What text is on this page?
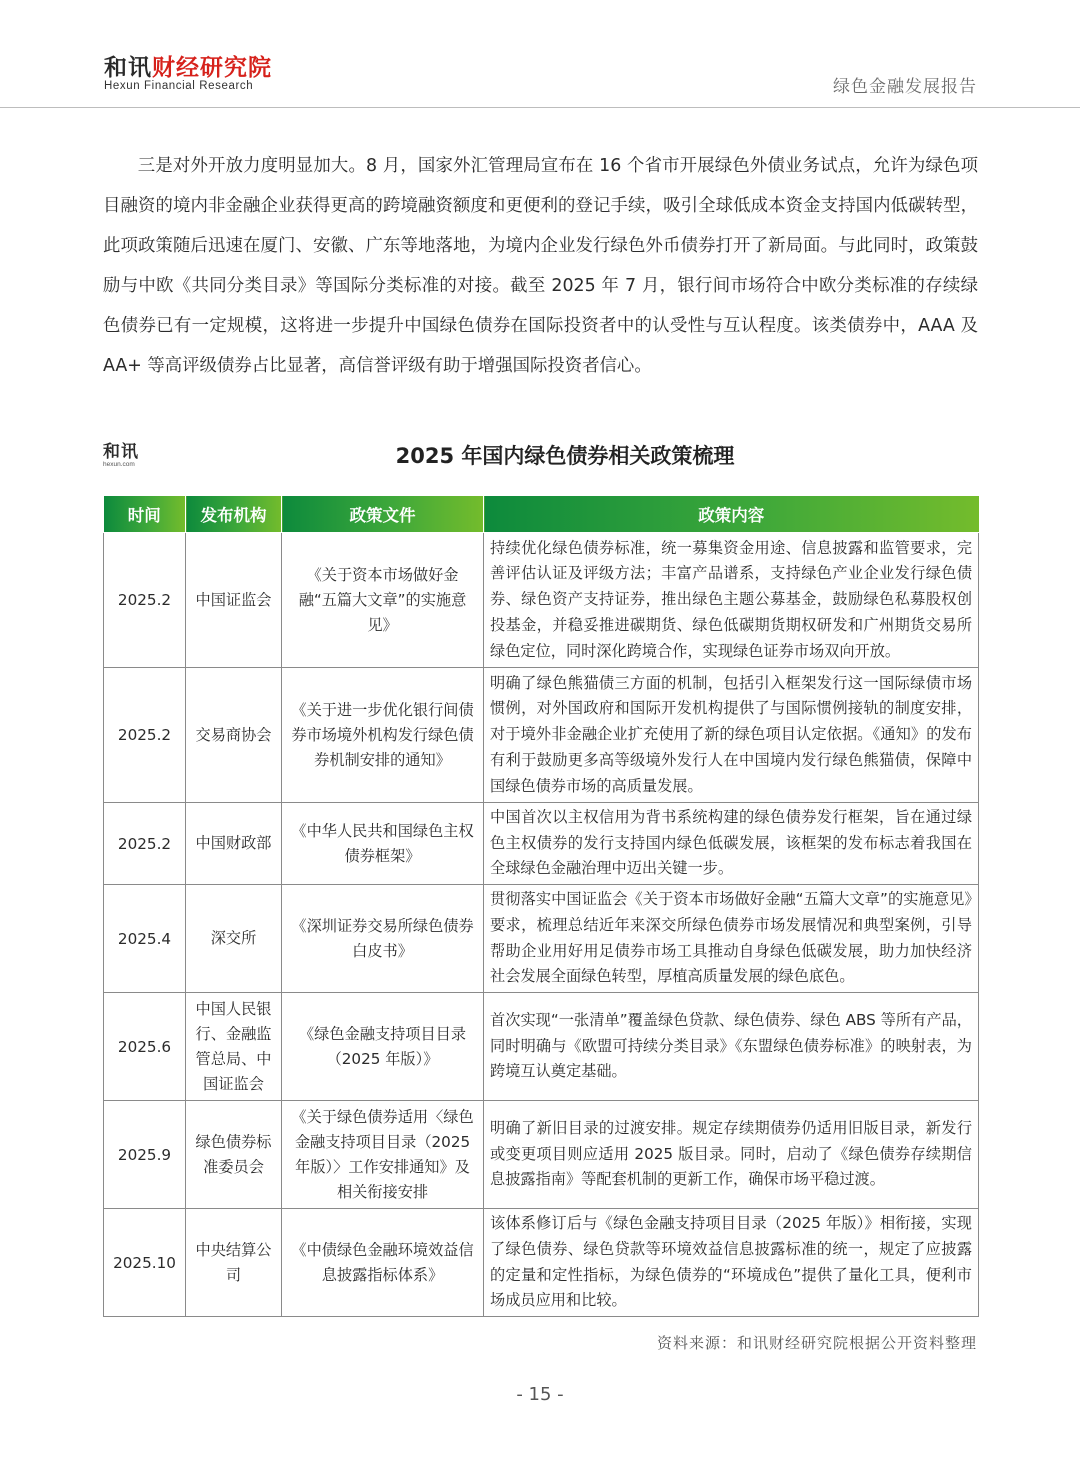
和讯财经研究院
Hexun Financial Research	绿色金融发展报告

三是对外开放力度明显加大。8 月，国家外汇管理局宣布在 16 个省市开展绿色外债业务试点，允许为绿色项目融资的境内非金融企业获得更高的跨境融资额度和更便利的登记手续，吸引全球低成本资金支持国内低碳转型，此项政策随后迅速在厦门、安徽、广东等地落地，为境内企业发行绿色外币债券打开了新局面。与此同时，政策鼓励与中欧《共同分类目录》等国际分类标准的对接。截至 2025 年 7 月，银行间市场符合中欧分类标准的存续绿色债券已有一定规模，这将进一步提升中国绿色债券在国际投资者中的认受性与互认程度。该类债券中，AAA 及 AA+ 等高评级债券占比显著，高信誉评级有助于增强国际投资者信心。

和讯
hexun.com	2025 年国内绿色债券相关政策梳理
时间	发布机构	政策文件	政策内容
2025.2	中国证监会	《关于资本市场做好金融“五篇大文章”的实施意见》	持续优化绿色债券标准，统一募集资金用途、信息披露和监管要求，完善评估认证及评级方法；丰富产品谱系，支持绿色产业企业发行绿色债券、绿色资产支持证券，推出绿色主题公募基金，鼓励绿色私募股权创投基金，并稳妥推进碳期货、绿色低碳期货期权研发和广州期货交易所绿色定位，同时深化跨境合作，实现绿色证券市场双向开放。
2025.2	交易商协会	《关于进一步优化银行间债券市场境外机构发行绿色债券机制安排的通知》	明确了绿色熊猫债三方面的机制，包括引入框架发行这一国际绿债市场惯例，对外国政府和国际开发机构提供了与国际惯例接轨的制度安排，对于境外非金融企业扩充使用了新的绿色项目认定依据。《通知》的发布有利于鼓励更多高等级境外发行人在中国境内发行绿色熊猫债，保障中国绿色债券市场的高质量发展。
2025.2	中国财政部	《中华人民共和国绿色主权债券框架》	中国首次以主权信用为背书系统构建的绿色债券发行框架，旨在通过绿色主权债券的发行支持国内绿色低碳发展，该框架的发布标志着我国在全球绿色金融治理中迈出关键一步。
2025.4	深交所	《深圳证券交易所绿色债券白皮书》	贯彻落实中国证监会《关于资本市场做好金融“五篇大文章”的实施意见》要求，梳理总结近年来深交所绿色债券市场发展情况和典型案例，引导帮助企业用好用足债券市场工具推动自身绿色低碳发展，助力加快经济社会发展全面绿色转型，厚植高质量发展的绿色底色。
2025.6	中国人民银行、金融监管总局、中国证监会	《绿色金融支持项目目录（2025 年版）》	首次实现“一张清单”覆盖绿色贷款、绿色债券、绿色 ABS 等所有产品，同时明确与《欧盟可持续分类目录》《东盟绿色债券标准》的映射表，为跨境互认奠定基础。
2025.9	绿色债券标准委员会	《关于绿色债券适用〈绿色金融支持项目目录（2025 年版）〉工作安排通知》及相关衔接安排	明确了新旧目录的过渡安排。规定存续期债券仍适用旧版目录，新发行或变更项目则应适用 2025 版目录。同时，启动了《绿色债券存续期信息披露指南》等配套机制的更新工作，确保市场平稳过渡。
2025.10	中央结算公司	《中债绿色金融环境效益信息披露指标体系》	该体系修订后与《绿色金融支持项目目录（2025 年版）》相衔接，实现了绿色债券、绿色贷款等环境效益信息披露标准的统一，规定了应披露的定量和定性指标，为绿色债券的“环境成色”提供了量化工具，便利市场成员应用和比较。
资料来源：和讯财经研究院根据公开资料整理
- 15 -
